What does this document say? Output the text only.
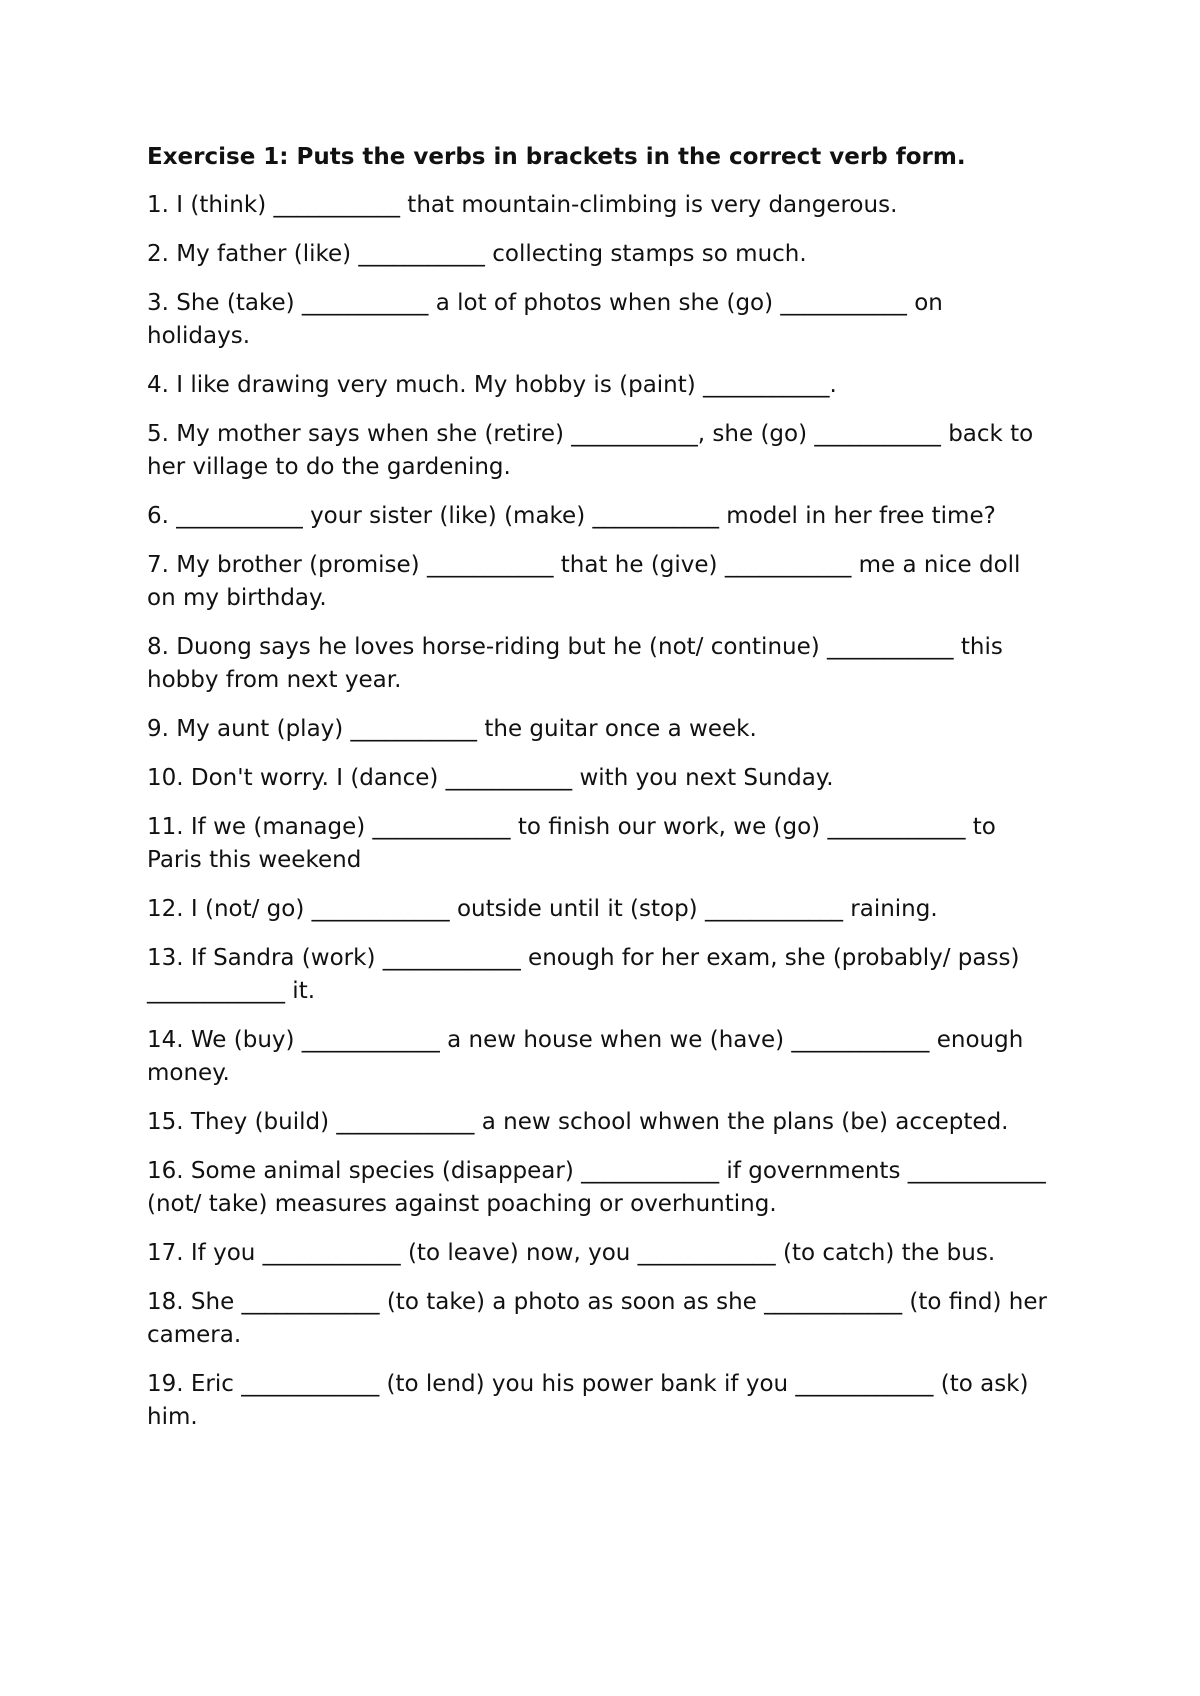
Exercise 1: Puts the verbs in brackets in the correct verb form.
1. I (think) ___________ that mountain-climbing is very dangerous.
2. My father (like) ___________ collecting stamps so much.
3. She (take) ___________ a lot of photos when she (go) ___________ on holidays.
4. I like drawing very much. My hobby is (paint) ___________.
5. My mother says when she (retire) ___________, she (go) ___________ back to her village to do the gardening.
6. ___________ your sister (like) (make) ___________ model in her free time?
7. My brother (promise) ___________ that he (give) ___________ me a nice doll on my birthday.
8. Duong says he loves horse-riding but he (not/ continue) ___________ this hobby from next year.
9. My aunt (play) ___________ the guitar once a week.
10. Don't worry. I (dance) ___________ with you next Sunday.
11. If we (manage) ____________ to finish our work, we (go) ____________ to Paris this weekend
12. I (not/ go) ____________ outside until it (stop) ____________ raining.
13. If Sandra (work) ____________ enough for her exam, she (probably/ pass) ____________ it.
14. We (buy) ____________ a new house when we (have) ____________ enough money.
15. They (build) ____________ a new school whwen the plans (be) accepted.
16. Some animal species (disappear) ____________ if governments ____________ (not/ take) measures against poaching or overhunting.
17. If you ____________ (to leave) now, you ____________ (to catch) the bus.
18. She ____________ (to take) a photo as soon as she ____________ (to find) her camera.
19. Eric ____________ (to lend) you his power bank if you ____________ (to ask) him.
